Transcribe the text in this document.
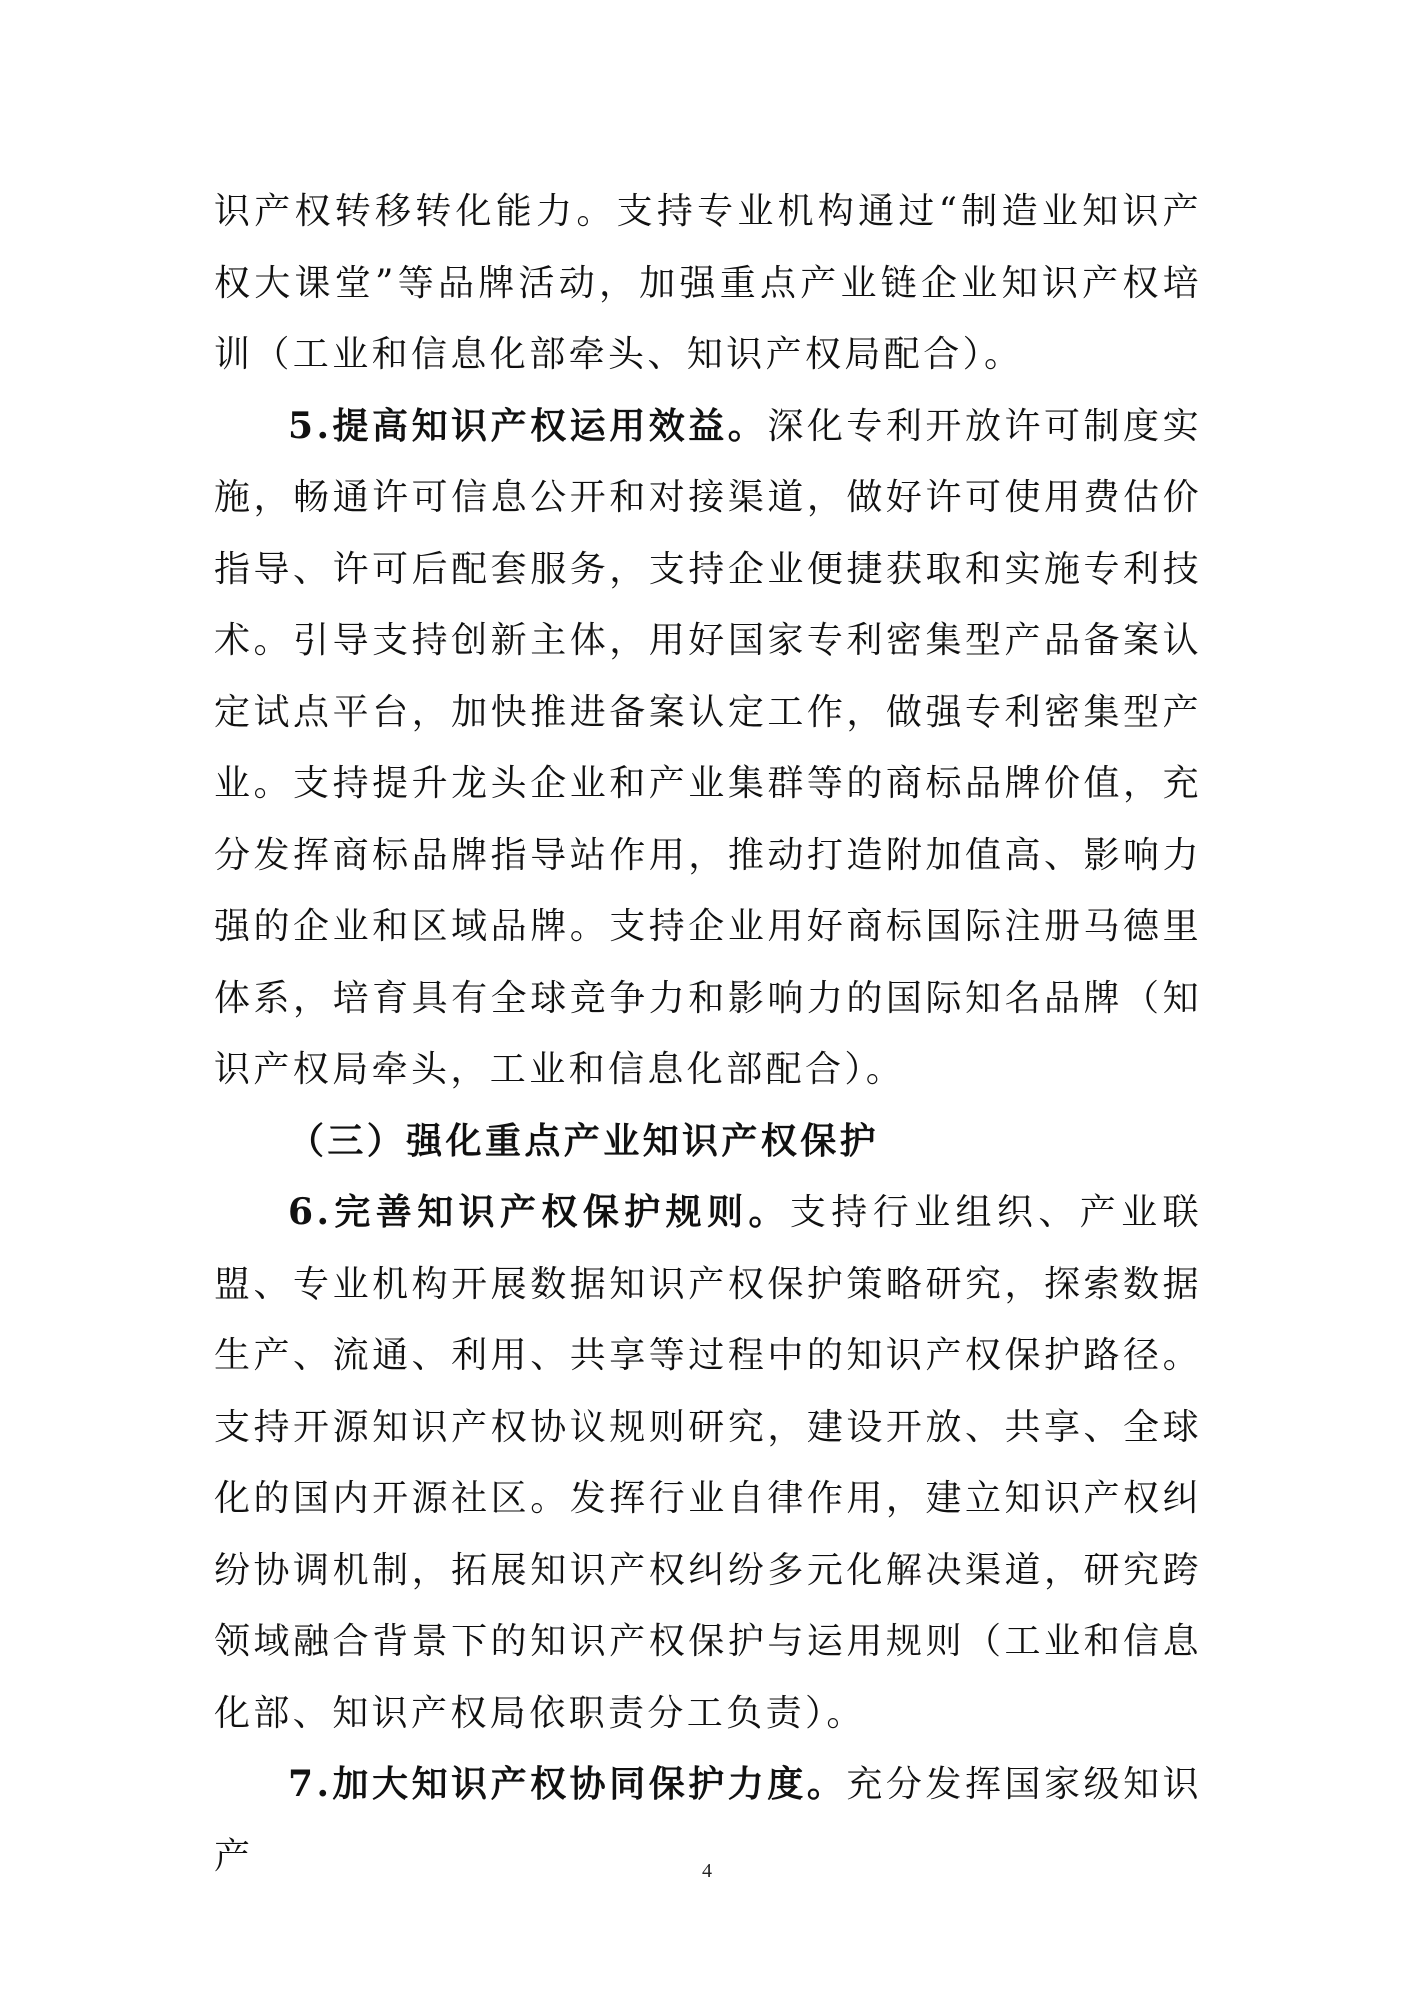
识产权转移转化能力。支持专业机构通过“制造业知识产权大课堂”等品牌活动，加强重点产业链企业知识产权培训（工业和信息化部牵头、知识产权局配合）。

5.提高知识产权运用效益。深化专利开放许可制度实施，畅通许可信息公开和对接渠道，做好许可使用费估价指导、许可后配套服务，支持企业便捷获取和实施专利技术。引导支持创新主体，用好国家专利密集型产品备案认定试点平台，加快推进备案认定工作，做强专利密集型产业。支持提升龙头企业和产业集群等的商标品牌价值，充分发挥商标品牌指导站作用，推动打造附加值高、影响力强的企业和区域品牌。支持企业用好商标国际注册马德里体系，培育具有全球竞争力和影响力的国际知名品牌（知识产权局牵头，工业和信息化部配合）。

（三）强化重点产业知识产权保护

6.完善知识产权保护规则。支持行业组织、产业联盟、专业机构开展数据知识产权保护策略研究，探索数据生产、流通、利用、共享等过程中的知识产权保护路径。支持开源知识产权协议规则研究，建设开放、共享、全球化的国内开源社区。发挥行业自律作用，建立知识产权纠纷协调机制，拓展知识产权纠纷多元化解决渠道，研究跨领域融合背景下的知识产权保护与运用规则（工业和信息化部、知识产权局依职责分工负责）。

7.加大知识产权协同保护力度。充分发挥国家级知识产	4
